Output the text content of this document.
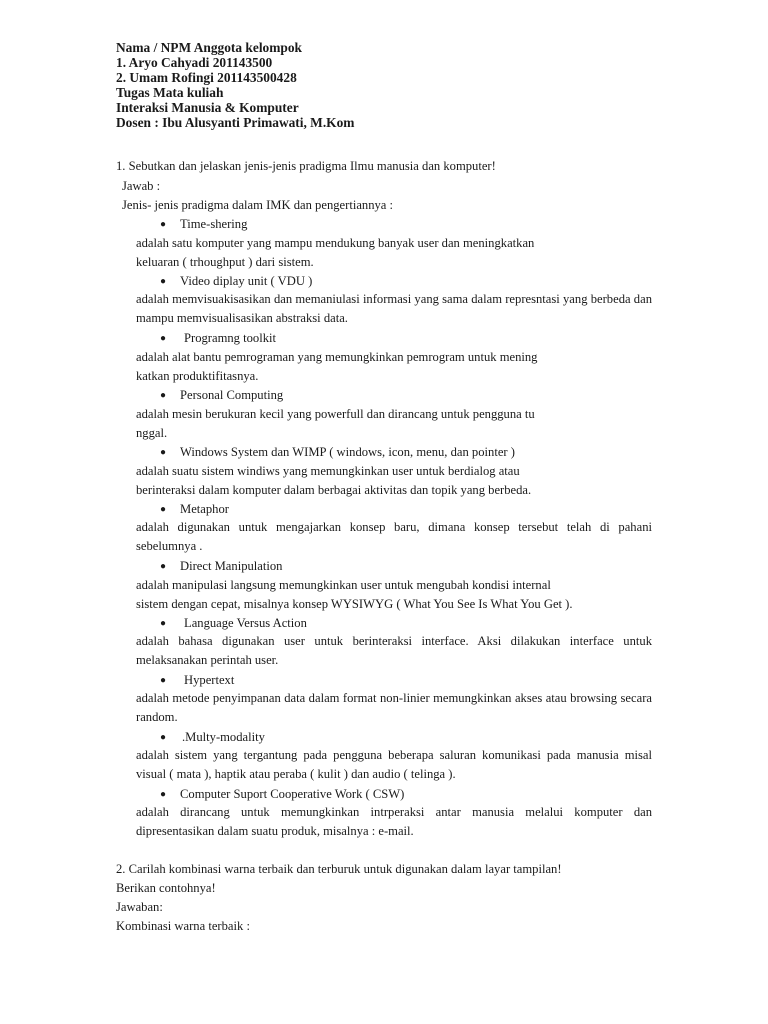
Nama / NPM Anggota kelompok
1. Aryo Cahyadi 201143500
2. Umam Rofingi 201143500428
Tugas Mata kuliah
Interaksi Manusia & Komputer
Dosen : Ibu Alusyanti Primawati, M.Kom
1. Sebutkan dan jelaskan jenis-jenis pradigma Ilmu manusia dan komputer!
Jawab :
Jenis- jenis pradigma dalam IMK dan pengertiannya :
● Time-shering
adalah satu komputer yang mampu mendukung banyak user dan meningkatkan
keluaran ( trhoughput ) dari sistem.
● Video diplay unit ( VDU )
adalah memvisuakisasikan dan memaniulasi informasi yang sama dalam represntasi yang berbeda dan mampu memvisualisasikan abstraksi data.
● Programng toolkit
adalah alat bantu pemrograman yang memungkinkan pemrogram untuk mening
katkan produktifitasnya.
● Personal Computing
adalah mesin berukuran kecil yang powerfull dan dirancang untuk pengguna tu
nggal.
● Windows System dan WIMP ( windows, icon, menu, dan pointer )
adalah suatu sistem windiws yang memungkinkan user untuk berdialog atau
berinteraksi dalam komputer dalam berbagai aktivitas dan topik yang berbeda.
● Metaphor
adalah digunakan untuk mengajarkan konsep baru, dimana konsep tersebut telah di pahani sebelumnya .
● Direct Manipulation
adalah manipulasi langsung memungkinkan user untuk mengubah kondisi internal
sistem dengan cepat, misalnya konsep WYSIWYG ( What You See Is What You Get ).
● Language Versus Action
adalah bahasa digunakan user untuk berinteraksi interface. Aksi dilakukan interface untuk melaksanakan perintah user.
● Hypertext
adalah metode penyimpanan data dalam format non-linier memungkinkan akses atau browsing secara random.
● .Multy-modality
adalah sistem yang tergantung pada pengguna beberapa saluran komunikasi pada manusia misal visual ( mata ), haptik atau peraba ( kulit ) dan audio ( telinga ).
● Computer Suport Cooperative Work ( CSW)
adalah dirancang untuk memungkinkan intrperaksi antar manusia melalui komputer dan dipresentasikan dalam suatu produk, misalnya : e-mail.
2. Carilah kombinasi warna terbaik dan terburuk untuk digunakan dalam layar tampilan!
Berikan contohnya!
Jawaban:
Kombinasi warna terbaik :
